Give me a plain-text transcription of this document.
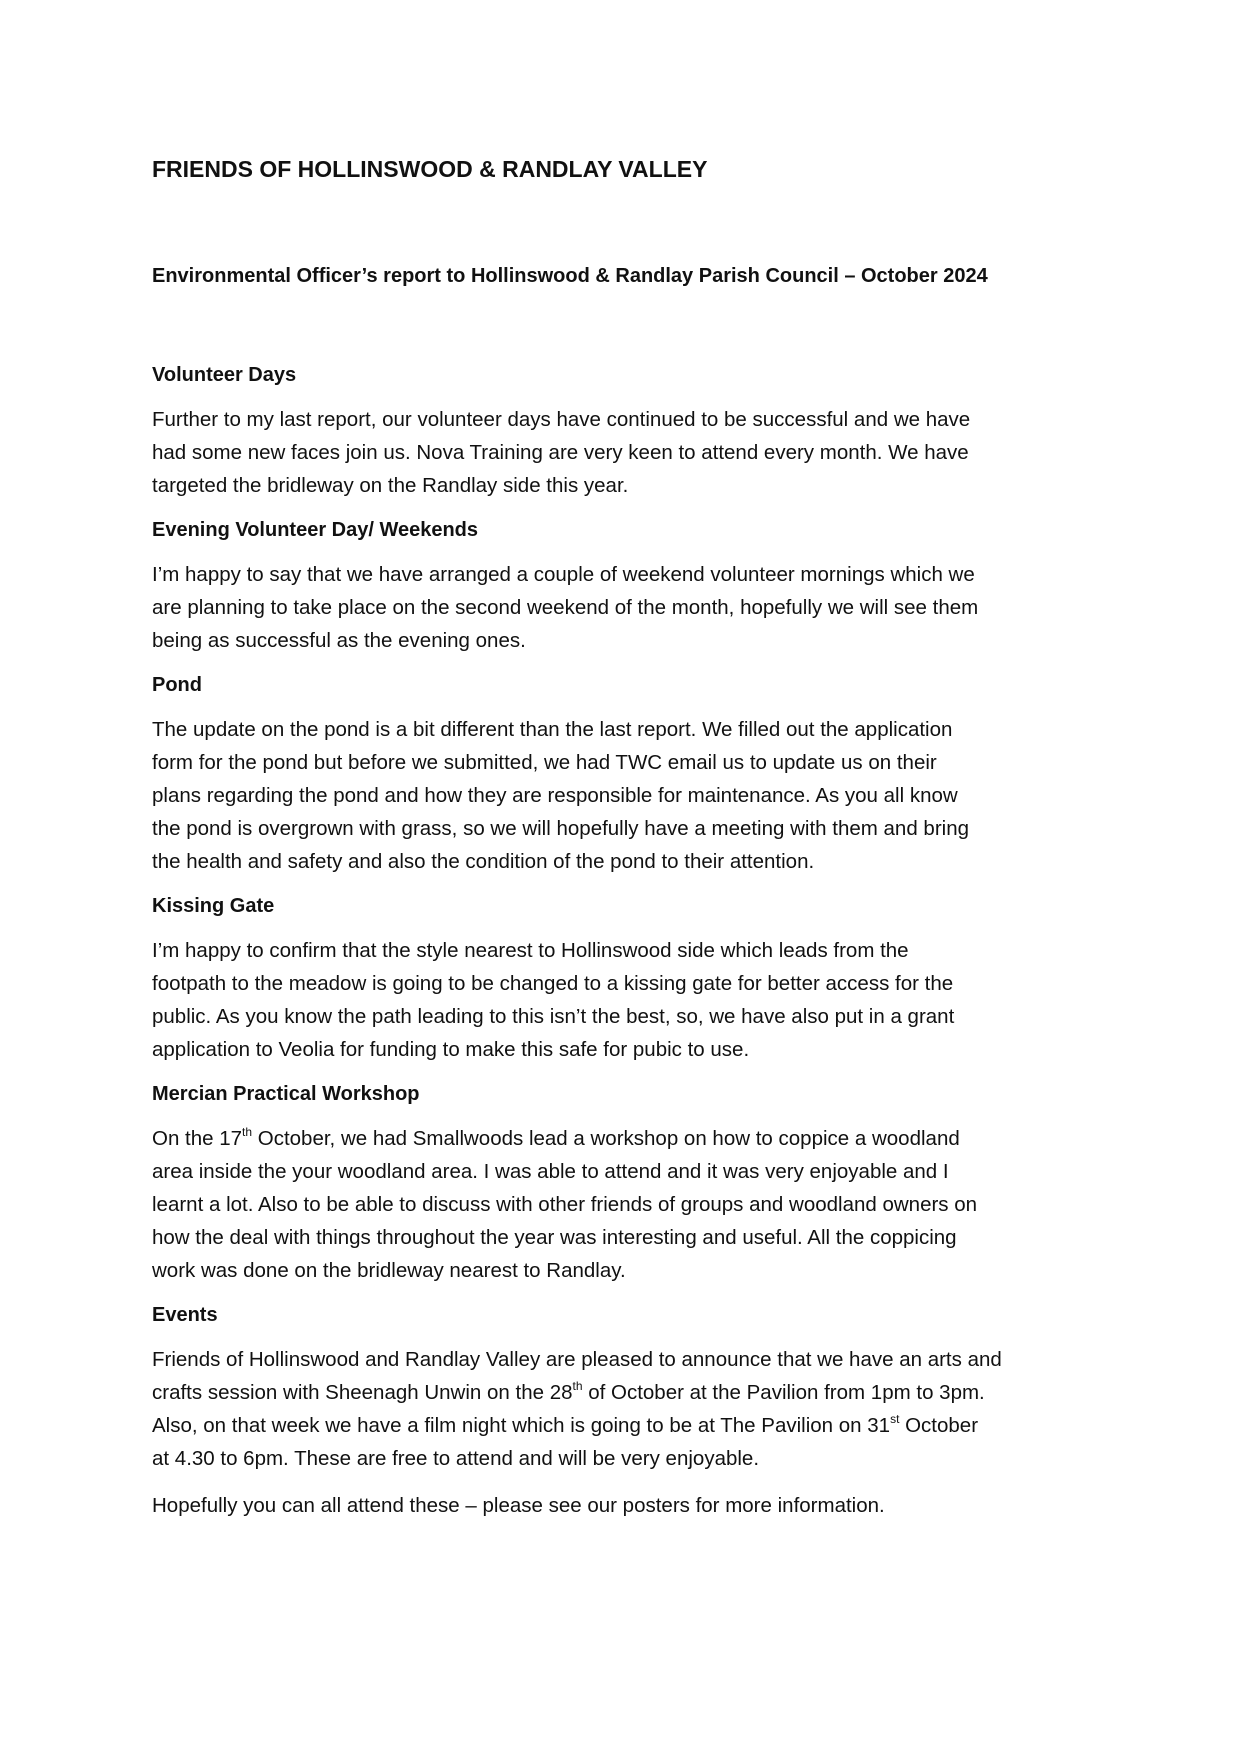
FRIENDS OF HOLLINSWOOD & RANDLAY VALLEY
Environmental Officer’s report to Hollinswood & Randlay Parish Council – October 2024
Volunteer Days

Further to my last report, our volunteer days have continued to be successful and we have
had some new faces join us. Nova Training are very keen to attend every month. We have
targeted the bridleway on the Randlay side this year.

Evening Volunteer Day/ Weekends

I’m happy to say that we have arranged a couple of weekend volunteer mornings which we
are planning to take place on the second weekend of the month, hopefully we will see them
being as successful as the evening ones.

Pond

The update on the pond is a bit different than the last report. We filled out the application
form for the pond but before we submitted, we had TWC email us to update us on their
plans regarding the pond and how they are responsible for maintenance. As you all know
the pond is overgrown with grass, so we will hopefully have a meeting with them and bring
the health and safety and also the condition of the pond to their attention.

Kissing Gate

I’m happy to confirm that the style nearest to Hollinswood side which leads from the
footpath to the meadow is going to be changed to a kissing gate for better access for the
public. As you know the path leading to this isn’t the best, so, we have also put in a grant
application to Veolia for funding to make this safe for pubic to use.

Mercian Practical Workshop

On the 17th October, we had Smallwoods lead a workshop on how to coppice a woodland
area inside the your woodland area. I was able to attend and it was very enjoyable and I
learnt a lot. Also to be able to discuss with other friends of groups and woodland owners on
how the deal with things throughout the year was interesting and useful. All the coppicing
work was done on the bridleway nearest to Randlay.

Events

Friends of Hollinswood and Randlay Valley are pleased to announce that we have an arts and
crafts session with Sheenagh Unwin on the 28th of October at the Pavilion from 1pm to 3pm.
Also, on that week we have a film night which is going to be at The Pavilion on 31st October
at 4.30 to 6pm. These are free to attend and will be very enjoyable.

Hopefully you can all attend these – please see our posters for more information.
